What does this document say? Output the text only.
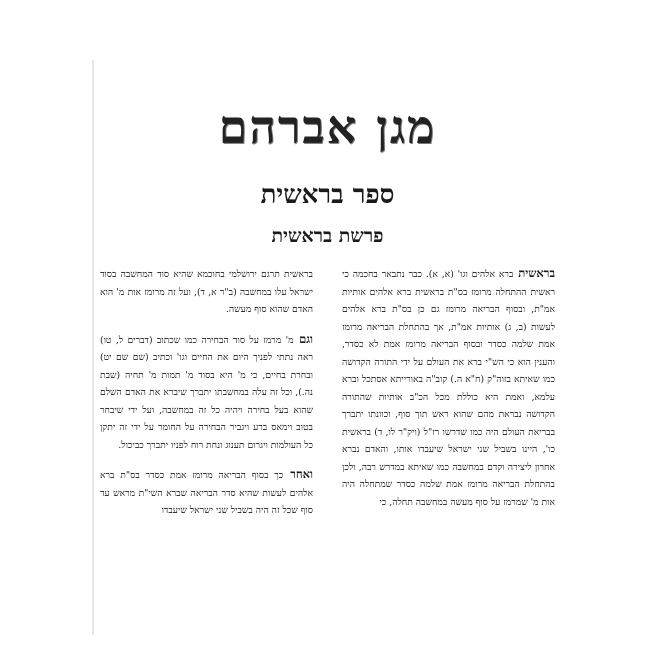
מגן אברהם
ספר בראשית
פרשת בראשית

בראשית ברא אלהים וגו' (א, א). כבר נתבאר בחכמה כי ראשית ההתחלה מרומז בס"ת בראשית ברא אלהים אותיות אמ"ת, ובסוף הבריאה מרומז גם כן בס"ת ברא אלהים לעשות (ב, ג) אותיות אמ"ת, אך בהתחלת הבריאה מרומז אמת שלמה כסדר ובסוף הבריאה מרומז אמת לא כסדר, והענין הוא כי הש"י ברא את העולם על ידי התורה הקדושה כמו שאיתא בזוה"ק (ח"א ה.) קוב"ה באורייתא אסתכל וברא עלמא, ואמת היא כוללת מכל הכ"ב אותיות שהתורה הקדושה נבראת מהם שהוא ראש תוך סוף, וכוונתו יתברך בבריאת העולם היה כמו שדרשו רז"ל (ויק"ר לו, ד) בראשית כו', היינו בשביל שני ישראל שיעבדו אותו, והאדם נברא אחרון ליצירה וקדם במחשבה כמו שאיתא במדרש רבה, ולכן בהתחלת הבריאה מרומז אמת שלמה כסדר שמתחלה היה אות מ' שמרמז על סוף מעשה במחשבה תחלה, כי

בראשית תרגם ירושלמי בחוכמא שהיא סוד המחשבה בסוד ישראל עלו במחשבה (ב"ר א, ד), ועל זה מרומז אות מ' הוא האדם שהוא סוף מעשה.

וגם מ' מרמז על סוד הבחירה כמו שכתוב (דברים ל, טו) ראה נתתי לפניך היום את החיים וגו' וכתיב (שם שם יט) ובחרת בחיים, כי מ' היא בסוד מ' תמות מ' תחיה (שבת נה.), וכל זה עלה במחשבתו יתברך שיברא את האדם השלם שהוא בעל בחירה ויהיה כל זה במחשבה, ועל ידי שיבחר בטוב וימאס ברע ויגביר הבחירה על החומר על ידי זה יתקן כל העולמות ויגרום תענוג ונחת רוח לפניו יתברך כביכול.

ואחר כך בסוף הבריאה מרומז אמת כסדר בס"ת ברא אלהים לעשות שהיא סדר הבריאה שברא השי"ת מראש עד סוף שכל זה היה בשביל שני ישראל שיעבדו
